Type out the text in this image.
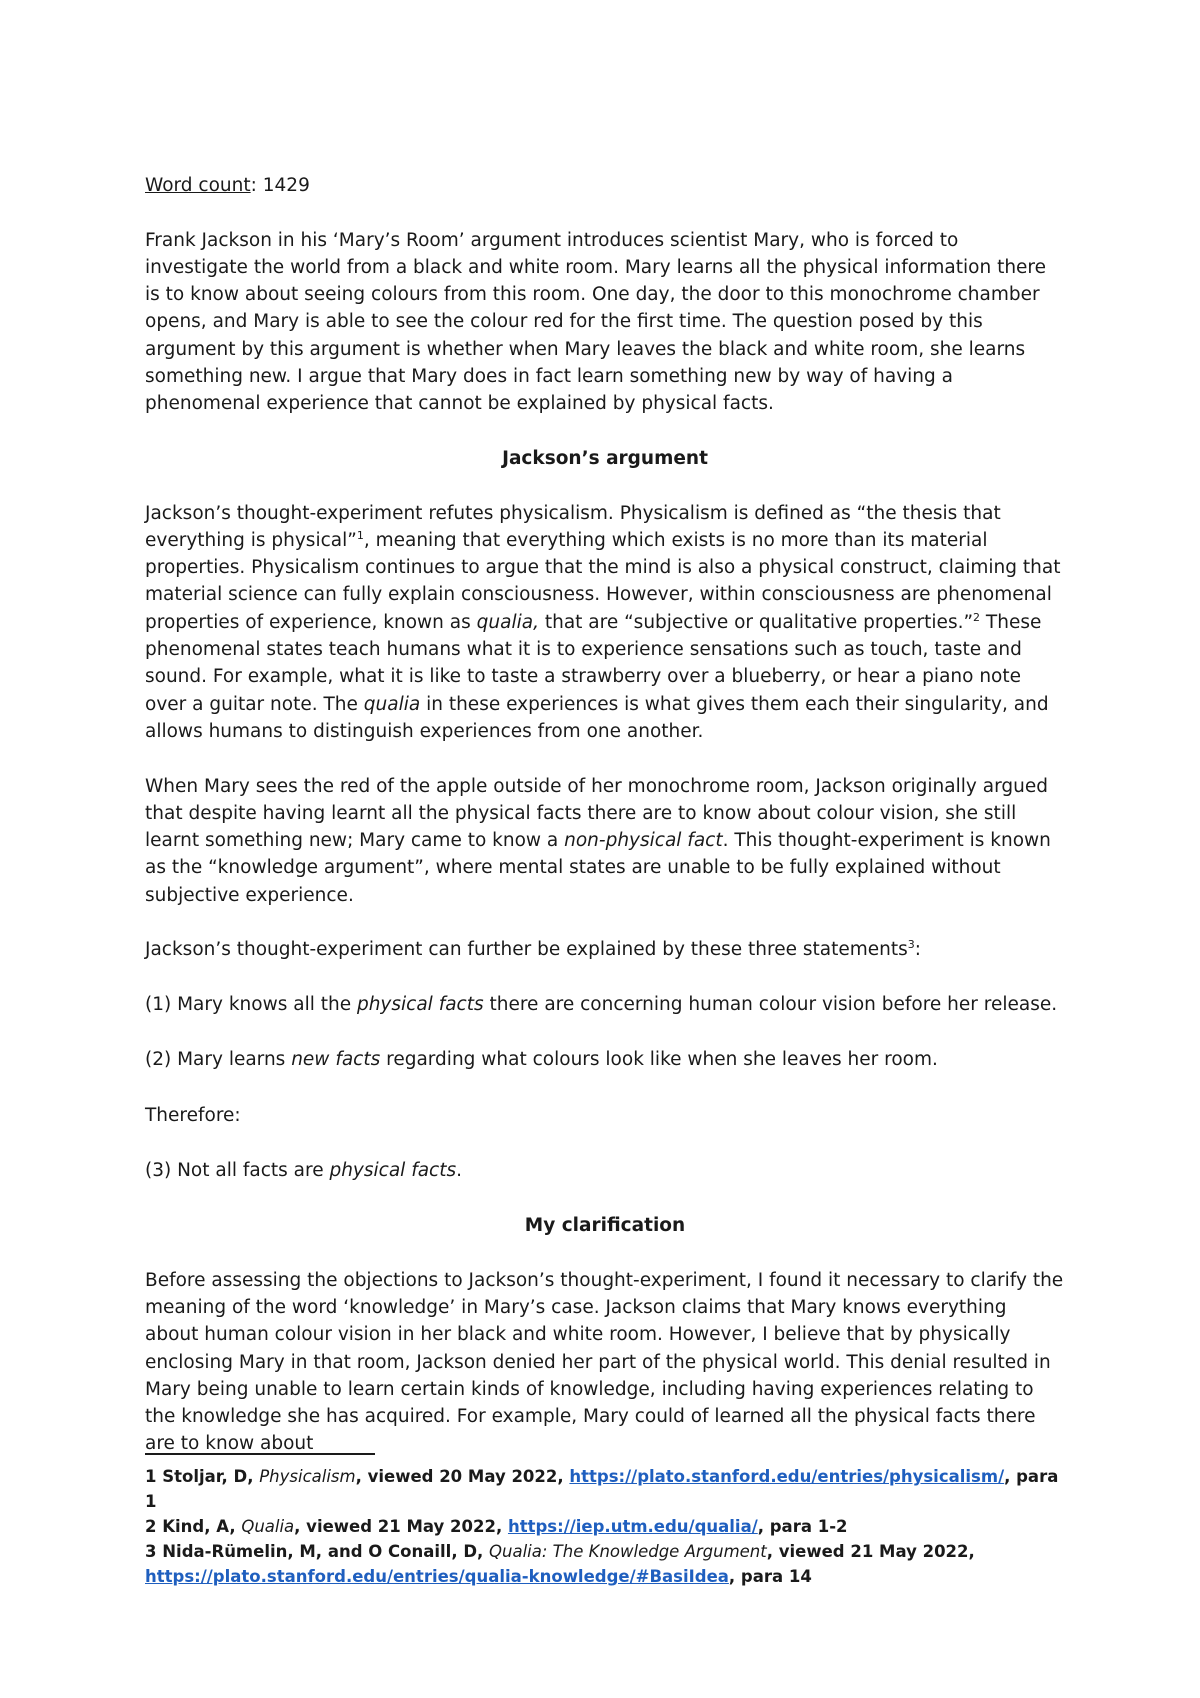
Word count: 1429

Frank Jackson in his ‘Mary’s Room’ argument introduces scientist Mary, who is forced to investigate the world from a black and white room. Mary learns all the physical information there is to know about seeing colours from this room. One day, the door to this monochrome chamber opens, and Mary is able to see the colour red for the first time. The question posed by this argument by this argument is whether when Mary leaves the black and white room, she learns something new. I argue that Mary does in fact learn something new by way of having a phenomenal experience that cannot be explained by physical facts.

Jackson’s argument

Jackson’s thought-experiment refutes physicalism. Physicalism is defined as “the thesis that everything is physical”$^1$, meaning that everything which exists is no more than its material properties. Physicalism continues to argue that the mind is also a physical construct, claiming that material science can fully explain consciousness. However, within consciousness are phenomenal properties of experience, known as qualia, that are “subjective or qualitative properties.”$^2$ These phenomenal states teach humans what it is to experience sensations such as touch, taste and sound. For example, what it is like to taste a strawberry over a blueberry, or hear a piano note over a guitar note. The qualia in these experiences is what gives them each their singularity, and allows humans to distinguish experiences from one another.

When Mary sees the red of the apple outside of her monochrome room, Jackson originally argued that despite having learnt all the physical facts there are to know about colour vision, she still learnt something new; Mary came to know a non-physical fact. This thought-experiment is known as the “knowledge argument”, where mental states are unable to be fully explained without subjective experience.

Jackson’s thought-experiment can further be explained by these three statements$^3$:

(1) Mary knows all the physical facts there are concerning human colour vision before her release.

(2) Mary learns new facts regarding what colours look like when she leaves her room.

Therefore:

(3) Not all facts are physical facts.

My clarification

Before assessing the objections to Jackson’s thought-experiment, I found it necessary to clarify the meaning of the word ‘knowledge’ in Mary’s case. Jackson claims that Mary knows everything about human colour vision in her black and white room. However, I believe that by physically enclosing Mary in that room, Jackson denied her part of the physical world. This denial resulted in Mary being unable to learn certain kinds of knowledge, including having experiences relating to the knowledge she has acquired. For example, Mary could of learned all the physical facts there are to know about

1 Stoljar, D, Physicalism, viewed 20 May 2022, https://plato.stanford.edu/entries/physicalism/, para 1

2 Kind, A, Qualia, viewed 21 May 2022, https://iep.utm.edu/qualia/, para 1-2

3 Nida-Rümelin, M, and O Conaill, D, Qualia: The Knowledge Argument, viewed 21 May 2022,
https://plato.stanford.edu/entries/qualia-knowledge/#BasiIdea, para 14
